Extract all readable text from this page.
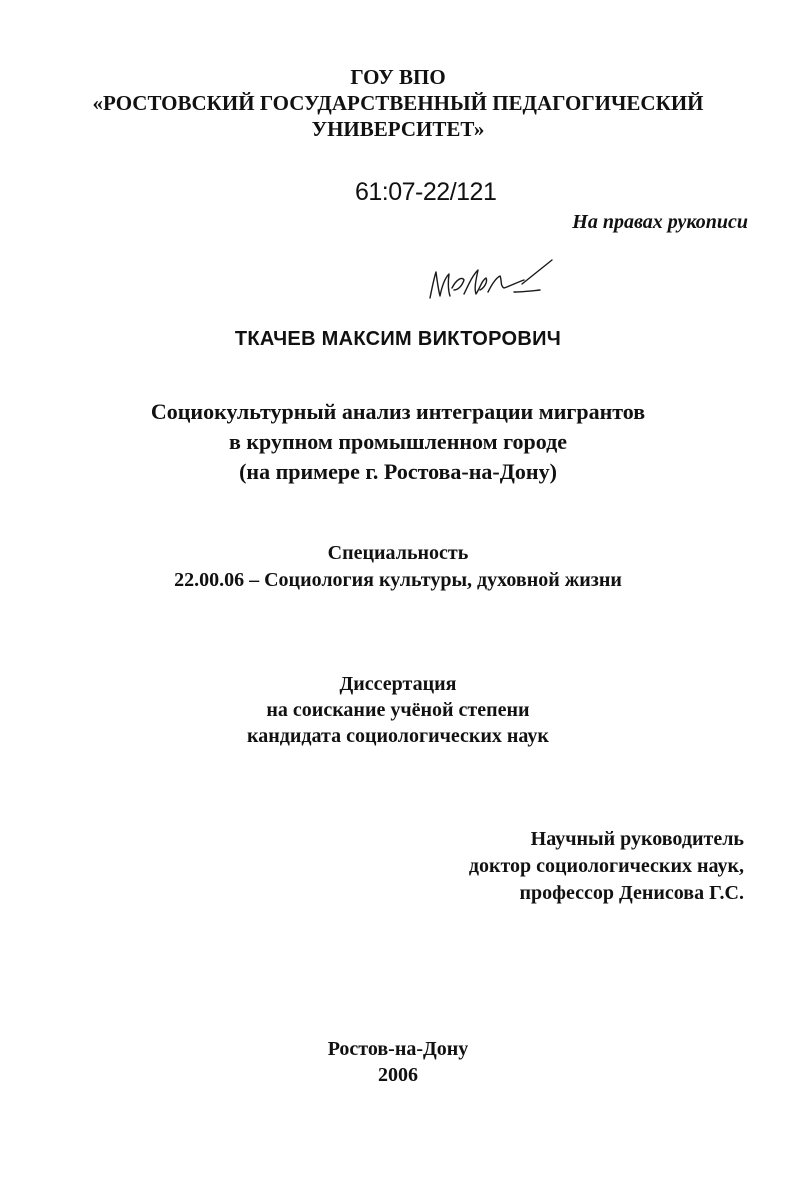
ГОУ ВПО
«РОСТОВСКИЙ ГОСУДАРСТВЕННЫЙ ПЕДАГОГИЧЕСКИЙ
УНИВЕРСИТЕТ»
61:07-22/121
На правах рукописи
ТКАЧЕВ МАКСИМ ВИКТОРОВИЧ
Социокультурный анализ интеграции мигрантов
в крупном промышленном городе
(на примере г. Ростова-на-Дону)
Специальность
22.00.06 – Социология культуры, духовной жизни
Диссертация
на соискание учёной степени
кандидата социологических наук
Научный руководитель
доктор социологических наук,
профессор Денисова Г.С.
Ростов-на-Дону
2006
